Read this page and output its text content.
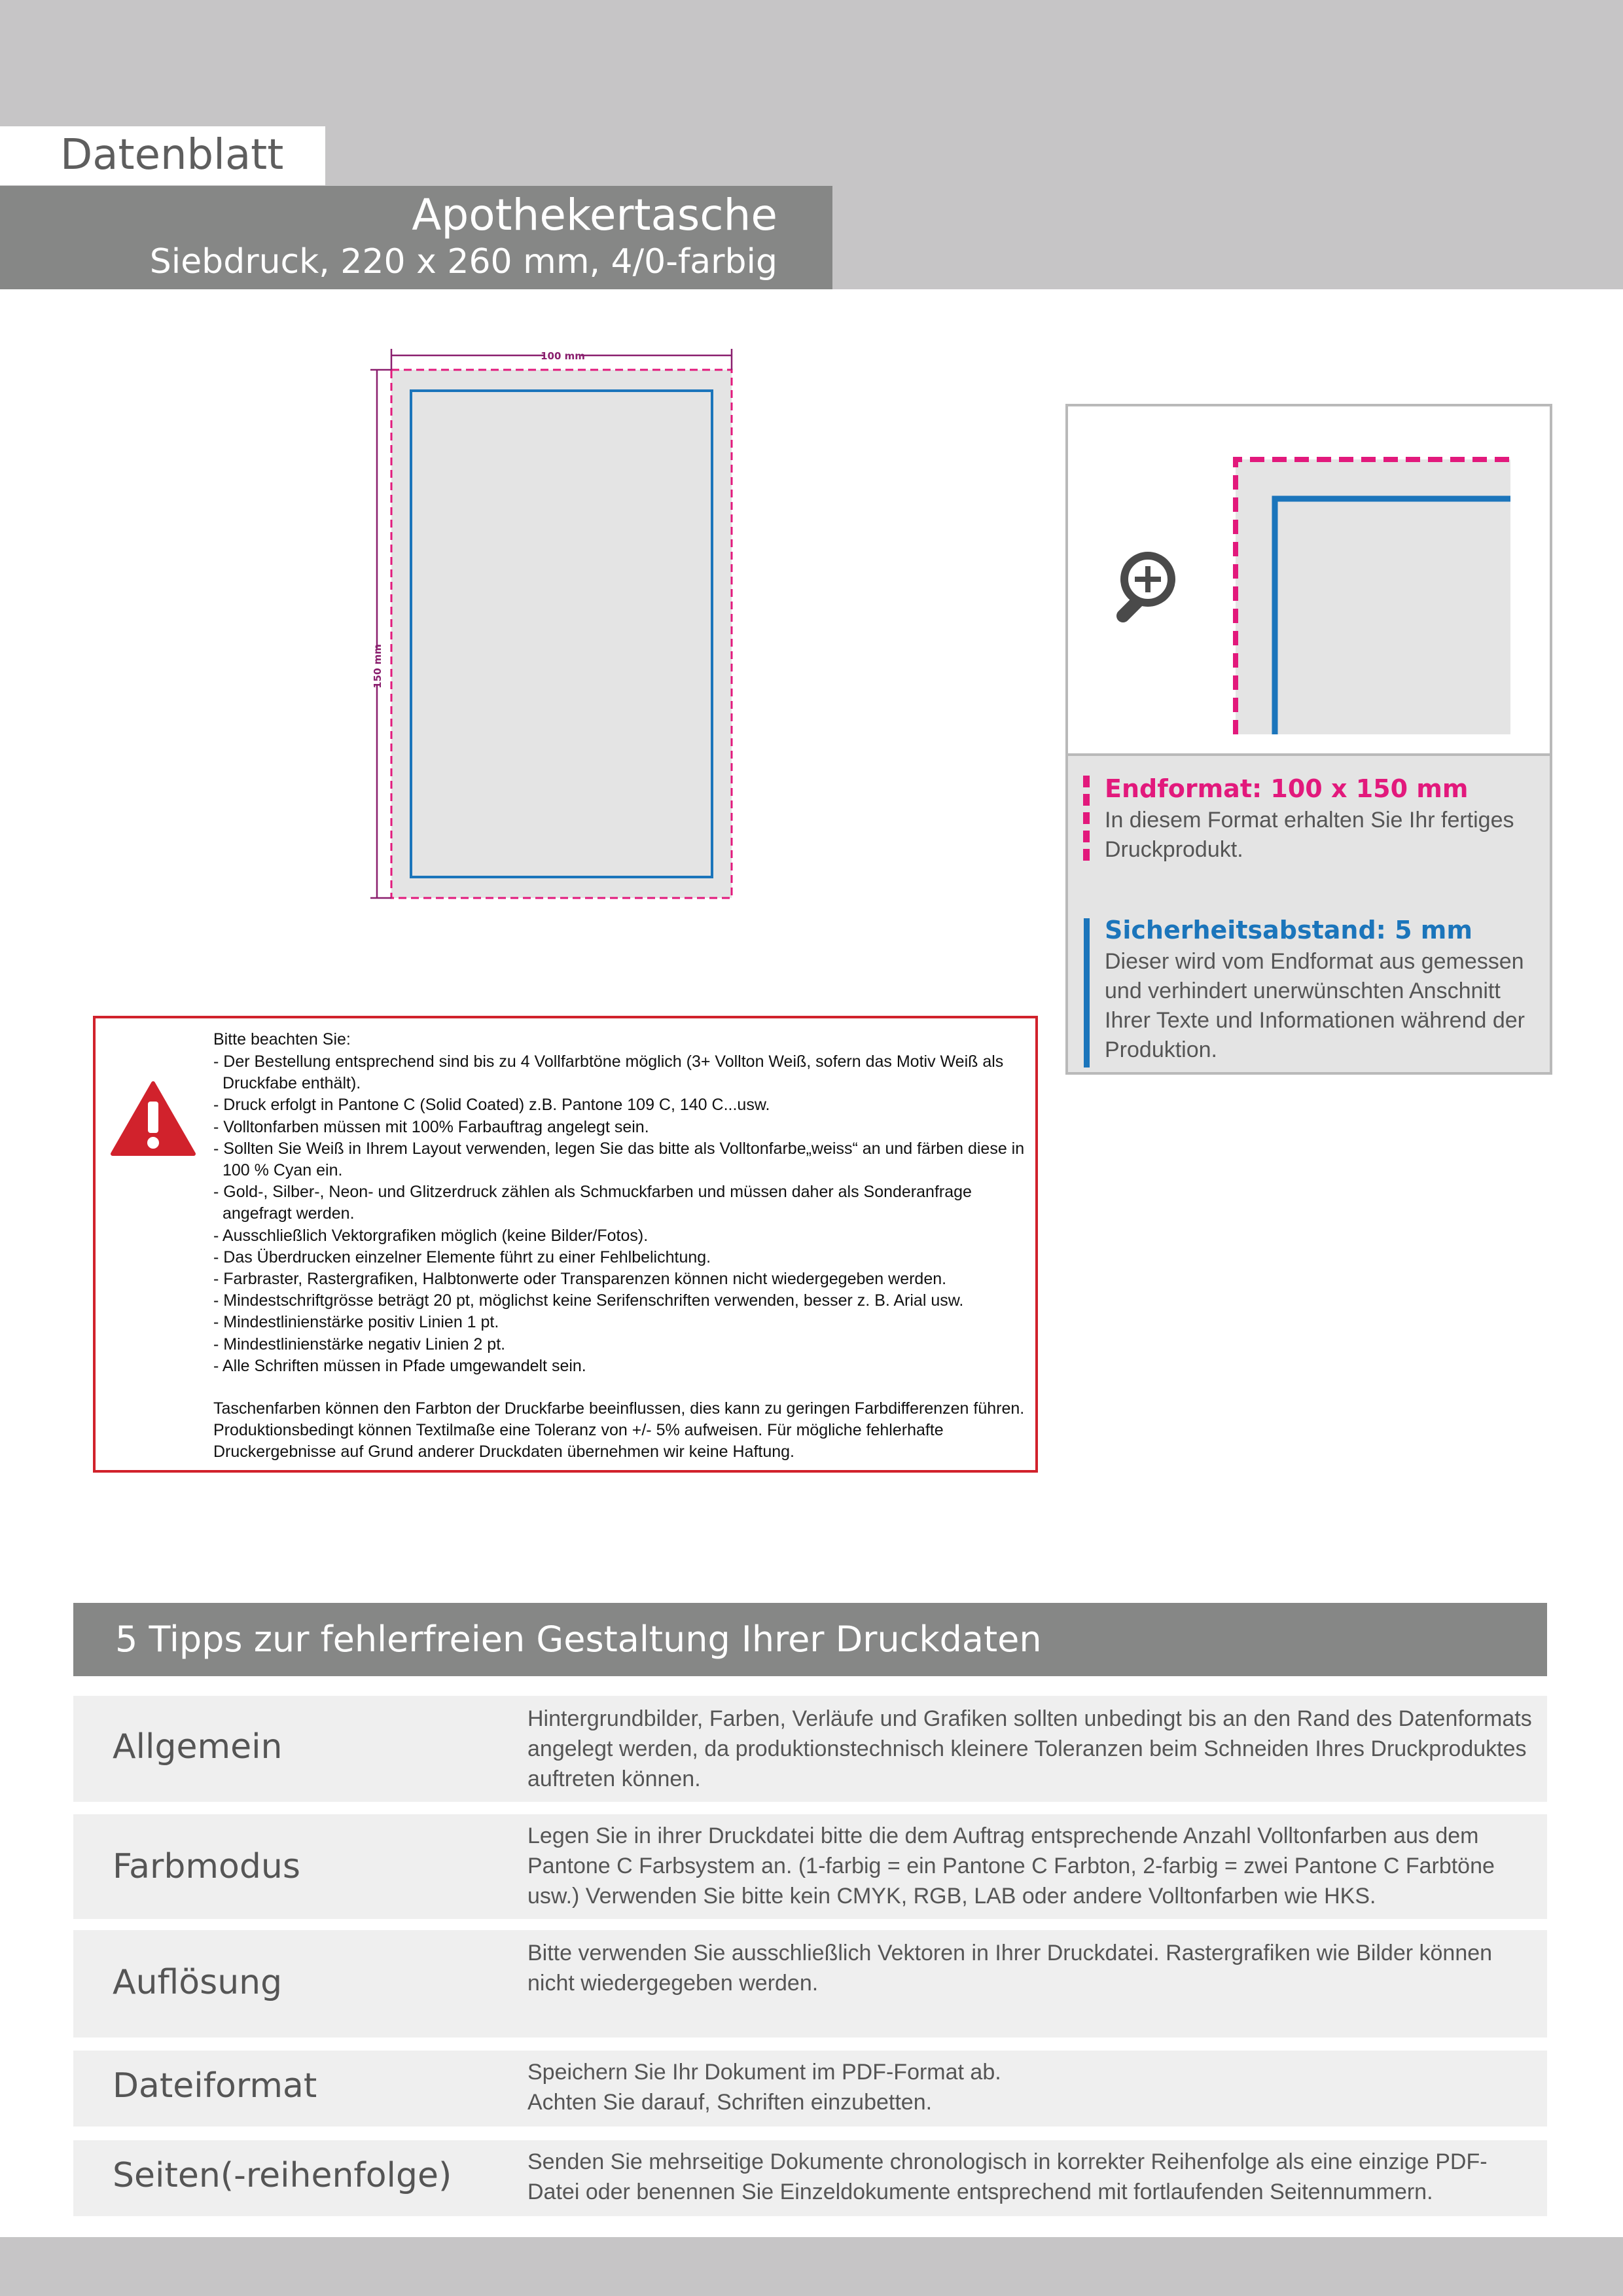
Datenblatt
Apothekertasche
Siebdruck, 220 x 260 mm, 4/0-farbig
100 mm
150 mm
Endformat: 100 x 150 mm
In diesem Format erhalten Sie Ihr fertiges Druckprodukt.
Sicherheitsabstand: 5 mm
Dieser wird vom Endformat aus gemessen und verhindert unerwünschten Anschnitt Ihrer Texte und Informationen während der Produktion.
Bitte beachten Sie:
- Der Bestellung entsprechend sind bis zu 4 Vollfarbtöne möglich (3+ Vollton Weiß, sofern das Motiv Weiß als Druckfabe enthält).
- Druck erfolgt in Pantone C (Solid Coated) z.B. Pantone 109 C, 140 C...usw.
- Volltonfarben müssen mit 100% Farbauftrag angelegt sein.
- Sollten Sie Weiß in Ihrem Layout verwenden, legen Sie das bitte als Volltonfarbe„weiss“ an und färben diese in 100 % Cyan ein.
- Gold-, Silber-, Neon- und Glitzerdruck zählen als Schmuckfarben und müssen daher als Sonderanfrage angefragt werden.
- Ausschließlich Vektorgrafiken möglich (keine Bilder/Fotos).
- Das Überdrucken einzelner Elemente führt zu einer Fehlbelichtung.
- Farbraster, Rastergrafiken, Halbtonwerte oder Transparenzen können nicht wiedergegeben werden.
- Mindestschriftgrösse beträgt 20 pt, möglichst keine Serifenschriften verwenden, besser z. B. Arial usw.
- Mindestlinienstärke positiv Linien 1 pt.
- Mindestlinienstärke negativ Linien 2 pt.
- Alle Schriften müssen in Pfade umgewandelt sein.
Taschenfarben können den Farbton der Druckfarbe beeinflussen, dies kann zu geringen Farbdifferenzen führen. Produktionsbedingt können Textilmaße eine Toleranz von +/- 5% aufweisen. Für mögliche fehlerhafte Druckergebnisse auf Grund anderer Druckdaten übernehmen wir keine Haftung.
5 Tipps zur fehlerfreien Gestaltung Ihrer Druckdaten
Allgemein
Hintergrundbilder, Farben, Verläufe und Grafiken sollten unbedingt bis an den Rand des Datenformats angelegt werden, da produktionstechnisch kleinere Toleranzen beim Schneiden Ihres Druckproduktes auftreten können.
Farbmodus
Legen Sie in ihrer Druckdatei bitte die dem Auftrag entsprechende Anzahl Volltonfarben aus dem Pantone C Farbsystem an. (1-farbig = ein Pantone C Farbton, 2-farbig = zwei Pantone C Farbtöne usw.) Verwenden Sie bitte kein CMYK, RGB, LAB oder andere Volltonfarben wie HKS.
Auflösung
Bitte verwenden Sie ausschließlich Vektoren in Ihrer Druckdatei. Rastergrafiken wie Bilder können nicht wiedergegeben werden.
Dateiformat	Speichern Sie Ihr Dokument im PDF-Format ab. Achten Sie darauf, Schriften einzubetten.
Seiten(-reihenfolge)	Senden Sie mehrseitige Dokumente chronologisch in korrekter Reihenfolge als eine einzige PDF-Datei oder benennen Sie Einzeldokumente entsprechend mit fortlaufenden Seitennummern.
